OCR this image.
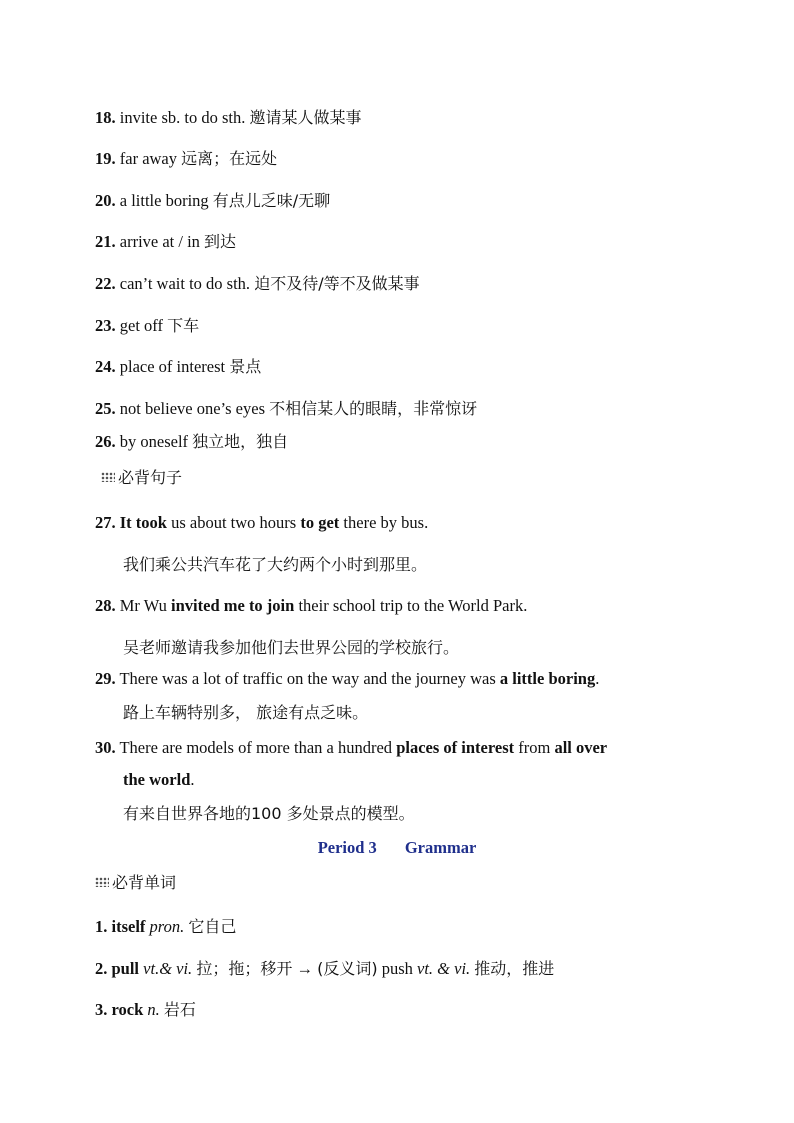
18. invite sb. to do sth. 邀请某人做某事
19. far away 远离；在远处
20. a little boring 有点儿乏味/无聊
21. arrive at / in 到达
22. can’t wait to do sth. 迫不及待/等不及做某事
23. get off 下车
24. place of interest 景点
25. not believe one’s eyes 不相信某人的眼睛，非常惊讶
26. by oneself 独立地，独自
必背句子
27. It took us about two hours to get there by bus.
我们乘公共汽车花了大约两个小时到那里。
28. Mr Wu invited me to join their school trip to the World Park.
吴老师邀请我参加他们去世界公园的学校旅行。
29. There was a lot of traffic on the way and the journey was a little boring.
路上车辆特别多， 旅途有点乏味。
30. There are models of more than a hundred places of interest from all over
the world.
有来自世界各地的100 多处景点的模型。
Period 3 Grammar
必背单词
1. itself pron. 它自己
2. pull vt.& vi. 拉；拖；移开 → (反义词) push vt. & vi. 推动，推进
3. rock n. 岩石
